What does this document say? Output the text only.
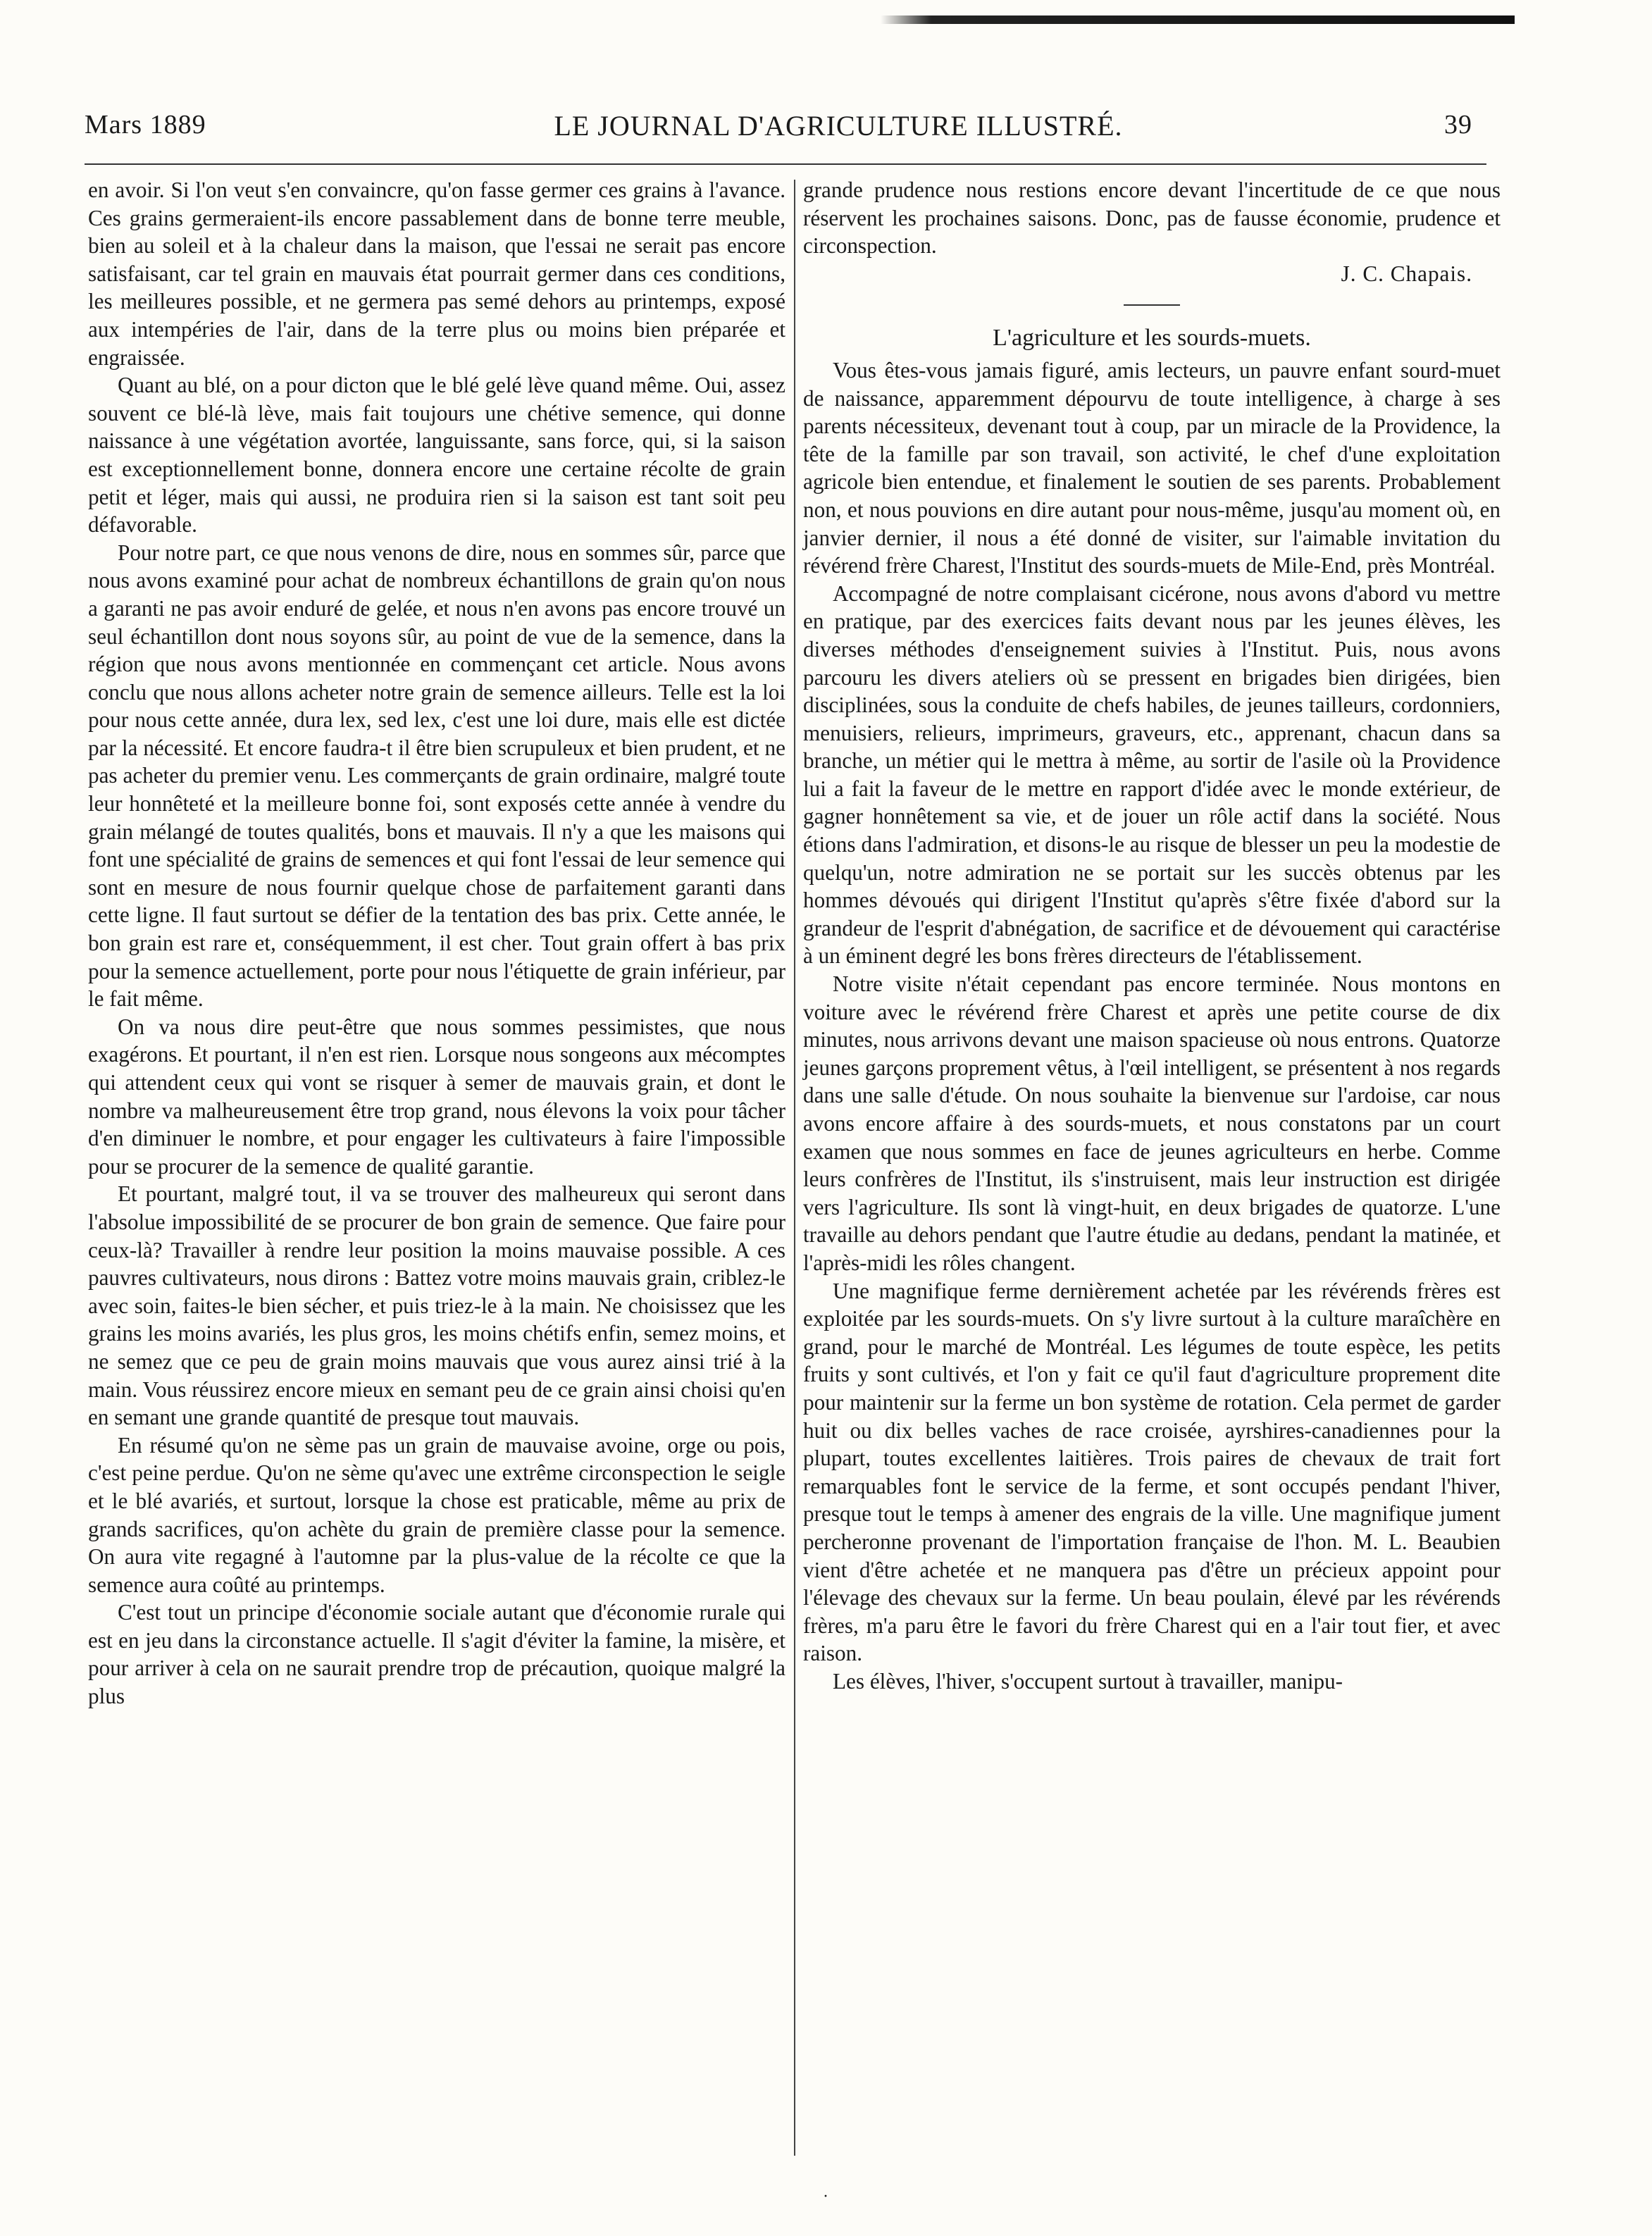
Mars 1889	LE JOURNAL D'AGRICULTURE ILLUSTRÉ.	39

en avoir. Si l'on veut s'en convaincre, qu'on fasse germer ces grains à l'avance. Ces grains germeraient-ils encore passablement dans de bonne terre meuble, bien au soleil et à la chaleur dans la maison, que l'essai ne serait pas encore satisfaisant, car tel grain en mauvais état pourrait germer dans ces conditions, les meilleures possible, et ne germera pas semé dehors au printemps, exposé aux intempéries de l'air, dans de la terre plus ou moins bien préparée et engraissée.

Quant au blé, on a pour dicton que le blé gelé lève quand même. Oui, assez souvent ce blé-là lève, mais fait toujours une chétive semence, qui donne naissance à une végétation avortée, languissante, sans force, qui, si la saison est exceptionnellement bonne, donnera encore une certaine récolte de grain petit et léger, mais qui aussi, ne produira rien si la saison est tant soit peu défavorable.

Pour notre part, ce que nous venons de dire, nous en sommes sûr, parce que nous avons examiné pour achat de nombreux échantillons de grain qu'on nous a garanti ne pas avoir enduré de gelée, et nous n'en avons pas encore trouvé un seul échantillon dont nous soyons sûr, au point de vue de la semence, dans la région que nous avons mentionnée en commençant cet article. Nous avons conclu que nous allons acheter notre grain de semence ailleurs. Telle est la loi pour nous cette année, dura lex, sed lex, c'est une loi dure, mais elle est dictée par la nécessité. Et encore faudra-t il être bien scrupuleux et bien prudent, et ne pas acheter du premier venu. Les commerçants de grain ordinaire, malgré toute leur honnêteté et la meilleure bonne foi, sont exposés cette année à vendre du grain mélangé de toutes qualités, bons et mauvais. Il n'y a que les maisons qui font une spécialité de grains de semences et qui font l'essai de leur semence qui sont en mesure de nous fournir quelque chose de parfaitement garanti dans cette ligne. Il faut surtout se défier de la tentation des bas prix. Cette année, le bon grain est rare et, conséquemment, il est cher. Tout grain offert à bas prix pour la semence actuellement, porte pour nous l'étiquette de grain inférieur, par le fait même.

On va nous dire peut-être que nous sommes pessimistes, que nous exagérons. Et pourtant, il n'en est rien. Lorsque nous songeons aux mécomptes qui attendent ceux qui vont se risquer à semer de mauvais grain, et dont le nombre va malheureusement être trop grand, nous élevons la voix pour tâcher d'en diminuer le nombre, et pour engager les cultivateurs à faire l'impossible pour se procurer de la semence de qualité garantie.

Et pourtant, malgré tout, il va se trouver des malheureux qui seront dans l'absolue impossibilité de se procurer de bon grain de semence. Que faire pour ceux-là? Travailler à rendre leur position la moins mauvaise possible. A ces pauvres cultivateurs, nous dirons : Battez votre moins mauvais grain, criblez-le avec soin, faites-le bien sécher, et puis triez-le à la main. Ne choisissez que les grains les moins avariés, les plus gros, les moins chétifs enfin, semez moins, et ne semez que ce peu de grain moins mauvais que vous aurez ainsi trié à la main. Vous réussirez encore mieux en semant peu de ce grain ainsi choisi qu'en en semant une grande quantité de presque tout mauvais.

En résumé qu'on ne sème pas un grain de mauvaise avoine, orge ou pois, c'est peine perdue. Qu'on ne sème qu'avec une extrême circonspection le seigle et le blé avariés, et surtout, lorsque la chose est praticable, même au prix de grands sacrifices, qu'on achète du grain de première classe pour la semence. On aura vite regagné à l'automne par la plus-value de la récolte ce que la semence aura coûté au printemps.

C'est tout un principe d'économie sociale autant que d'économie rurale qui est en jeu dans la circonstance actuelle. Il s'agit d'éviter la famine, la misère, et pour arriver à cela on ne saurait prendre trop de précaution, quoique malgré la plus

grande prudence nous restions encore devant l'incertitude de ce que nous réservent les prochaines saisons. Donc, pas de fausse économie, prudence et circonspection.

J. C. Chapais.
L'agriculture et les sourds-muets.

Vous êtes-vous jamais figuré, amis lecteurs, un pauvre enfant sourd-muet de naissance, apparemment dépourvu de toute intelligence, à charge à ses parents nécessiteux, devenant tout à coup, par un miracle de la Providence, la tête de la famille par son travail, son activité, le chef d'une exploitation agricole bien entendue, et finalement le soutien de ses parents. Probablement non, et nous pouvions en dire autant pour nous-même, jusqu'au moment où, en janvier dernier, il nous a été donné de visiter, sur l'aimable invitation du révérend frère Charest, l'Institut des sourds-muets de Mile-End, près Montréal.

Accompagné de notre complaisant cicérone, nous avons d'abord vu mettre en pratique, par des exercices faits devant nous par les jeunes élèves, les diverses méthodes d'enseignement suivies à l'Institut. Puis, nous avons parcouru les divers ateliers où se pressent en brigades bien dirigées, bien disciplinées, sous la conduite de chefs habiles, de jeunes tailleurs, cordonniers, menuisiers, relieurs, imprimeurs, graveurs, etc., apprenant, chacun dans sa branche, un métier qui le mettra à même, au sortir de l'asile où la Providence lui a fait la faveur de le mettre en rapport d'idée avec le monde extérieur, de gagner honnêtement sa vie, et de jouer un rôle actif dans la société. Nous étions dans l'admiration, et disons-le au risque de blesser un peu la modestie de quelqu'un, notre admiration ne se portait sur les succès obtenus par les hommes dévoués qui dirigent l'Institut qu'après s'être fixée d'abord sur la grandeur de l'esprit d'abnégation, de sacrifice et de dévouement qui caractérise à un éminent degré les bons frères directeurs de l'établissement.

Notre visite n'était cependant pas encore terminée. Nous montons en voiture avec le révérend frère Charest et après une petite course de dix minutes, nous arrivons devant une maison spacieuse où nous entrons. Quatorze jeunes garçons proprement vêtus, à l'œil intelligent, se présentent à nos regards dans une salle d'étude. On nous souhaite la bienvenue sur l'ardoise, car nous avons encore affaire à des sourds-muets, et nous constatons par un court examen que nous sommes en face de jeunes agriculteurs en herbe. Comme leurs confrères de l'Institut, ils s'instruisent, mais leur instruction est dirigée vers l'agriculture. Ils sont là vingt-huit, en deux brigades de quatorze. L'une travaille au dehors pendant que l'autre étudie au dedans, pendant la matinée, et l'après-midi les rôles changent.

Une magnifique ferme dernièrement achetée par les révérends frères est exploitée par les sourds-muets. On s'y livre surtout à la culture maraîchère en grand, pour le marché de Montréal. Les légumes de toute espèce, les petits fruits y sont cultivés, et l'on y fait ce qu'il faut d'agriculture proprement dite pour maintenir sur la ferme un bon système de rotation. Cela permet de garder huit ou dix belles vaches de race croisée, ayrshires-canadiennes pour la plupart, toutes excellentes laitières. Trois paires de chevaux de trait fort remarquables font le service de la ferme, et sont occupés pendant l'hiver, presque tout le temps à amener des engrais de la ville. Une magnifique jument percheronne provenant de l'importation française de l'hon. M. L. Beaubien vient d'être achetée et ne manquera pas d'être un précieux appoint pour l'élevage des chevaux sur la ferme. Un beau poulain, élevé par les révérends frères, m'a paru être le favori du frère Charest qui en a l'air tout fier, et avec raison.

Les élèves, l'hiver, s'occupent surtout à travailler, manipu-

·
